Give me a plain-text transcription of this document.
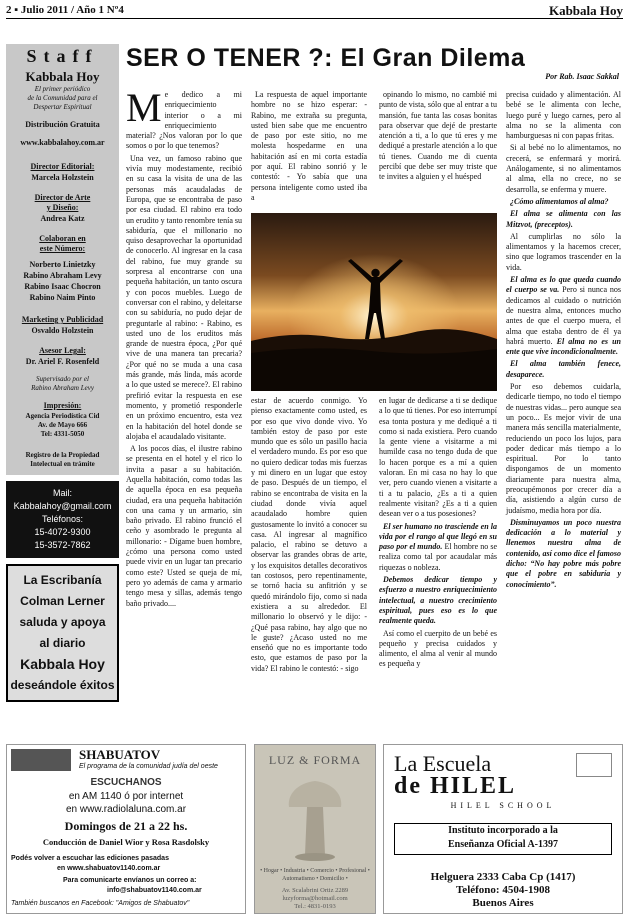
2 ▪ Julio 2011 / Año 1 Nº4	Kabbala Hoy
Staff
Kabbala Hoy
El primer periódico
de la Comunidad para el
Despertar Espiritual
Distribución Gratuita
www.kabbalahoy.com.ar
Director Editorial:
Marcela Holzstein
Director de Arte
y Diseño:
Andrea Katz
Colaboran en
este Número:
Norberto Linietzky
Rabino Abraham Levy
Rabino Isaac Chocron
Rabino Naim Pinto
Marketing y Publicidad
Osvaldo Holzstein
Asesor Legal:
Dr. Ariel F. Rosenfeld
Supervisado por el
Rabino Abraham Levy
Impresión:
Agencia Periodística Cid
Av. de Mayo 666
Tel: 4331-5050
Registro de la Propiedad
Intelectual en trámite
Mail:
Kabbalahoy@gmail.com
Teléfonos:
15-4072-9300
15-3572-7862
La Escribanía
Colman Lerner
saluda y apoya
al diario
Kabbala Hoy
deseándole éxitos
SER O TENER ?: El Gran Dilema
Por Rab. Isaac Sakkal

Me dedico a mi enriquecimiento interior o a mi enriquecimiento material? ¿Nos valoran por lo que somos o por lo que tenemos?

Una vez, un famoso rabino que vivía muy modestamente, recibió en su casa la visita de una de las personas más acaudaladas de Europa, que se encontraba de paso por esa ciudad. El rabino era todo un erudito y tanto renombre tenía su sabiduría, que el millonario no quiso desaprovechar la oportunidad de conocerlo. Al ingresar en la casa del rabino, fue muy grande su sorpresa al encontrarse con una pequeña habitación, un tanto oscura y con pocos muebles. Luego de conversar con el rabino, y deleitarse con su sabiduría, no pudo dejar de preguntarle al rabino: - Rabino, es usted uno de los eruditos más grande de nuestra época, ¿Por qué vive de una manera tan precaria? ¿Por qué no se muda a una casa más grande, más linda, más acorde a lo que usted se merece?. El rabino prefirió evitar la respuesta en ese momento, y prometió responderle en un próximo encuentro, esta vez en la habitación del hotel donde se alojaba el acaudalado visitante.

A los pocos días, el ilustre rabino se presenta en el hotel y el rico lo invita a pasar a su habitación. Aquella habitación, como todas las de aquella época en esa pequeña ciudad, era una pequeña habitación con una cama y un armario, sin baño privado. El rabino frunció el ceño y asombrado le pregunta al millonario: - Dígame buen hombre, ¿cómo una persona como usted puede vivir en un lugar tan precario como este? Usted se queja de mí, pero yo además de cama y armario tengo mesa y sillas, además tengo baño privado....

La respuesta de aquel importante hombre no se hizo esperar: - Rabino, me extraña su pregunta, usted bien sabe que me encuentro de paso por este sitio, no me molesta hospedarme en una habitación así en mi corta estadía por aquí. El rabino sonrió y le contestó: - Yo sabía que una persona inteligente como usted iba a

opinando lo mismo, no cambié mi punto de vista, sólo que al entrar a tu mansión, fue tanta las cosas bonitas para observar que dejé de prestarte atención a ti, a lo que tú eres y me dediqué a prestarle atención a lo que tú tienes. Cuando me di cuenta percibí que debe ser muy triste que te invites a alguien y el huésped

estar de acuerdo conmigo. Yo pienso exactamente como usted, es por eso que vivo donde vivo. Yo también estoy de paso por este mundo que es sólo un pasillo hacia el verdadero mundo. Es por eso que no quiero dedicar todas mis fuerzas y mi dinero en un lugar que estoy de paso. Después de un tiempo, el rabino se encontraba de visita en la ciudad donde vivía aquel acaudalado hombre quien gustosamente lo invitó a conocer su casa. Al ingresar al magnífico palacio, el rabino se detuvo a observar las grandes obras de arte, y los exquisitos detalles decorativos tan costosos, pero repentinamente, se tornó hacia su anfitrión y se quedó mirándolo fijo, como si nada existiera a su alrededor. El millonario lo observó y le dijo: - ¿Qué pasa rabino, hay algo que no le guste? ¿Acaso usted no me enseñó que no es importante todo esto, que estamos de paso por la vida? El rabino le contestó: - sigo

en lugar de dedicarse a ti se dedique a lo que tú tienes. Por eso interrumpí esa tonta postura y me dediqué a ti como si nada existiera. Pero cuando la gente viene a visitarme a mi humilde casa no tengo duda de que lo hacen porque es a mí a quien valoran. En mi casa no hay lo que ver, pero cuando vienen a visitarte a ti a tu palacio, ¿Es a ti a quien realmente visitan? ¿Es a ti a quien desean ver o a tus posesiones?

El ser humano no trasciende en la vida por el rango al que llegó en su paso por el mundo. El hombre no se realiza como tal por acaudalar más riquezas o nobleza.

Debemos dedicar tiempo y esfuerzo a nuestro enriquecimiento intelectual, a nuestro crecimiento espiritual, pues eso es lo que realmente queda.

Así como el cuerpito de un bebé es pequeño y precisa cuidados y alimento, el alma al venir al mundo es pequeña y

precisa cuidado y alimentación. Al bebé se le alimenta con leche, luego puré y luego carnes, pero al alma no se la alimenta con hamburguesas ni con papas fritas.

Si al bebé no lo alimentamos, no crecerá, se enfermará y morirá. Análogamente, si no alimentamos al alma, ella no crece, no se desarrolla, se enferma y muere.

¿Cómo alimentamos al alma?

El alma se alimenta con las Mitzvot, (preceptos).

Al cumplirlas no sólo la alimentamos y la hacemos crecer, sino que logramos trascender en la vida.

El alma es lo que queda cuando el cuerpo se va. Pero si nunca nos dedicamos al cuidado o nutrición de nuestra alma, entonces mucho antes de que el cuerpo muera, el alma que estaba dentro de él ya habrá muerto. El alma no es un ente que vive incondicionalmente.

El alma también fenece, desaparece.

Por eso debemos cuidarla, dedicarle tiempo, no todo el tiempo de nuestras vidas... pero aunque sea un poco... Es mejor vivir de una manera más sencilla materialmente, reduciendo un poco los lujos, para poder dedicar más tiempo a lo espiritual. Por lo tanto dispongamos de un momento diariamente para nuestra alma, preocupémonos por crecer día a día, asistiendo a algún curso de judaísmo, media hora por día.

Disminuyamos un poco nuestra dedicación a lo material y llenemos nuestra alma de contenido, así como dice el famoso dicho: “No hay pobre más pobre que el pobre en sabiduría y conocimiento”.

SHABUATOV
El programa de la comunidad judía del oeste
ESCUCHANOS
en AM 1140 ó por internet
en www.radiolaluna.com.ar
Domingos de 21 a 22 hs.
Conducción de Daniel Wior y Rosa Rasdolsky
Podés volver a escuchar las ediciones pasadas
en www.shabuatov1140.com.ar
Para comunicarte envíanos un correo a:
info@shabuatov1140.com.ar
También buscanos en Facebook: "Amigos de Shabuatov"
LUZ & FORMA
• Hogar • Industria • Comercio • Profesional • Automatismo • Domicilio •
Av. Scalabrini Ortiz 2289
luzyforma@hotmail.com
Tel.: 4831-0193
La Escuela
de HILEL
HILEL SCHOOL
Instituto incorporado a la
Enseñanza Oficial A-1397
Helguera 2333 Caba Cp (1417)
Teléfono: 4504-1908
Buenos Aires
